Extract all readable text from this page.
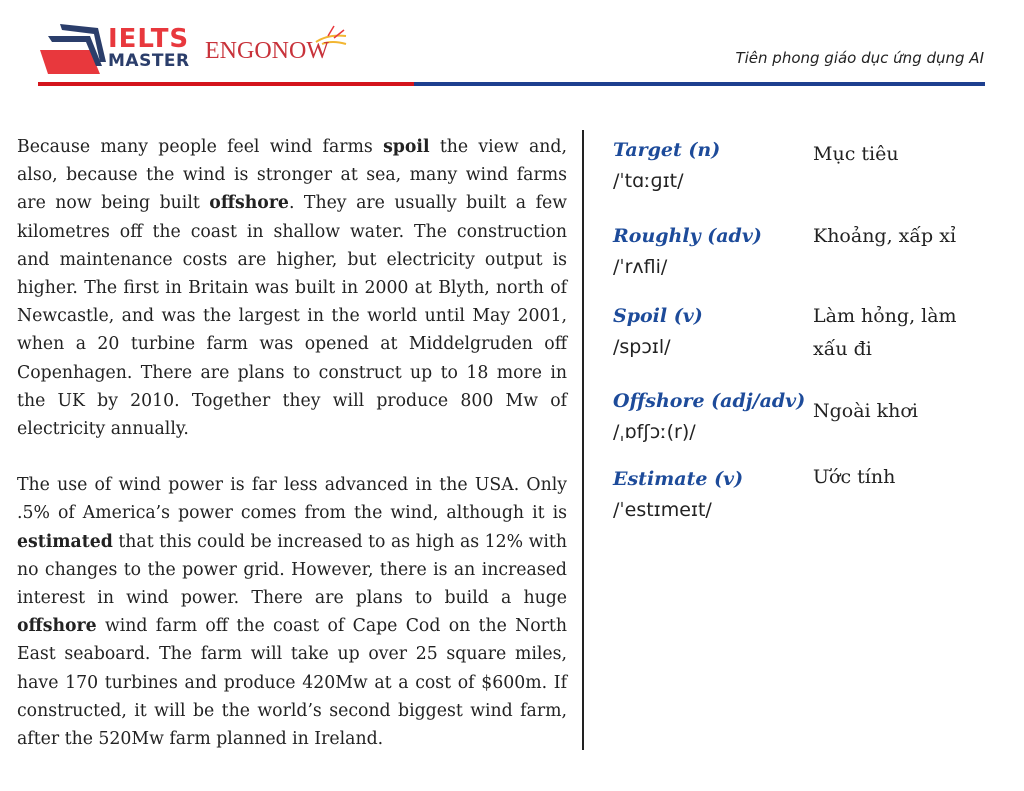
IELTS
MASTER ENGONOW	Tiên phong giáo dục ứng dụng AI

Because many people feel wind farms spoil the view and, also, because the wind is stronger at sea, many wind farms are now being built offshore. They are usually built a few kilometres off the coast in shallow water. The construction and maintenance costs are higher, but electricity output is higher. The first in Britain was built in 2000 at Blyth, north of Newcastle, and was the largest in the world until May 2001, when a 20 turbine farm was opened at Middelgruden off Copenhagen. There are plans to construct up to 18 more in the UK by 2010. Together they will produce 800 Mw of electricity annually.

The use of wind power is far less advanced in the USA. Only .5% of America’s power comes from the wind, although it is estimated that this could be increased to as high as 12% with no changes to the power grid. However, there is an increased interest in wind power. There are plans to build a huge offshore wind farm off the coast of Cape Cod on the North East seaboard. The farm will take up over 25 square miles, have 170 turbines and produce 420Mw at a cost of $600m. If constructed, it will be the world’s second biggest wind farm, after the 520Mw farm planned in Ireland.

Mục tiêu
Target (n)
/ˈtɑːɡɪt/
Khoảng, xấp xỉ
Roughly (adv)
/ˈrʌfli/
Làm hỏng, làm xấu đi
Spoil (v)
/spɔɪl/
Ngoài khơi
Offshore (adj/adv)
/ˌɒfʃɔː(r)/
Ước tính
Estimate (v)
/ˈestɪmeɪt/
